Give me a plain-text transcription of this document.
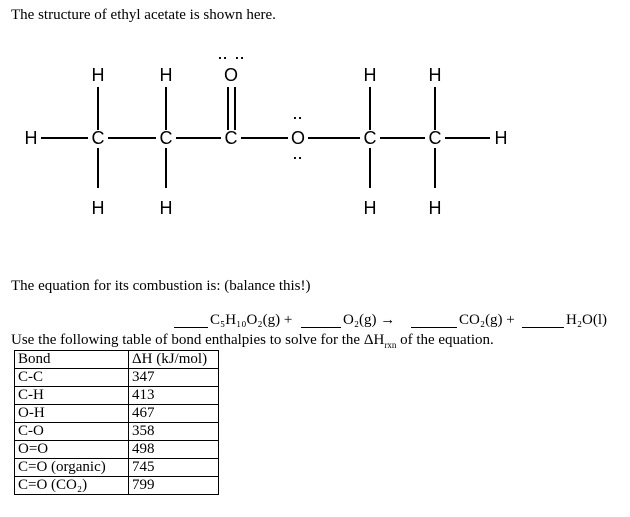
The structure of ethyl acetate is shown here.
H	H	O
: :
H	H
H	C	C	C	O
:
:
C	C	H
H	H	H	H
The equation for its combustion is: (balance this!)
C₅H₁₀O₂(g) +	O₂(g) →	CO₂(g) +	H₂O(l)
Use the following table of bond enthalpies to solve for the $\Delta H_{rxn}$ of the equation.
Bond	ΔH (kJ/mol)
C-C	347
C-H	413
O-H	467
C-O	358
O=O	498
C=O (organic)	745
C=O (CO₂)	799
